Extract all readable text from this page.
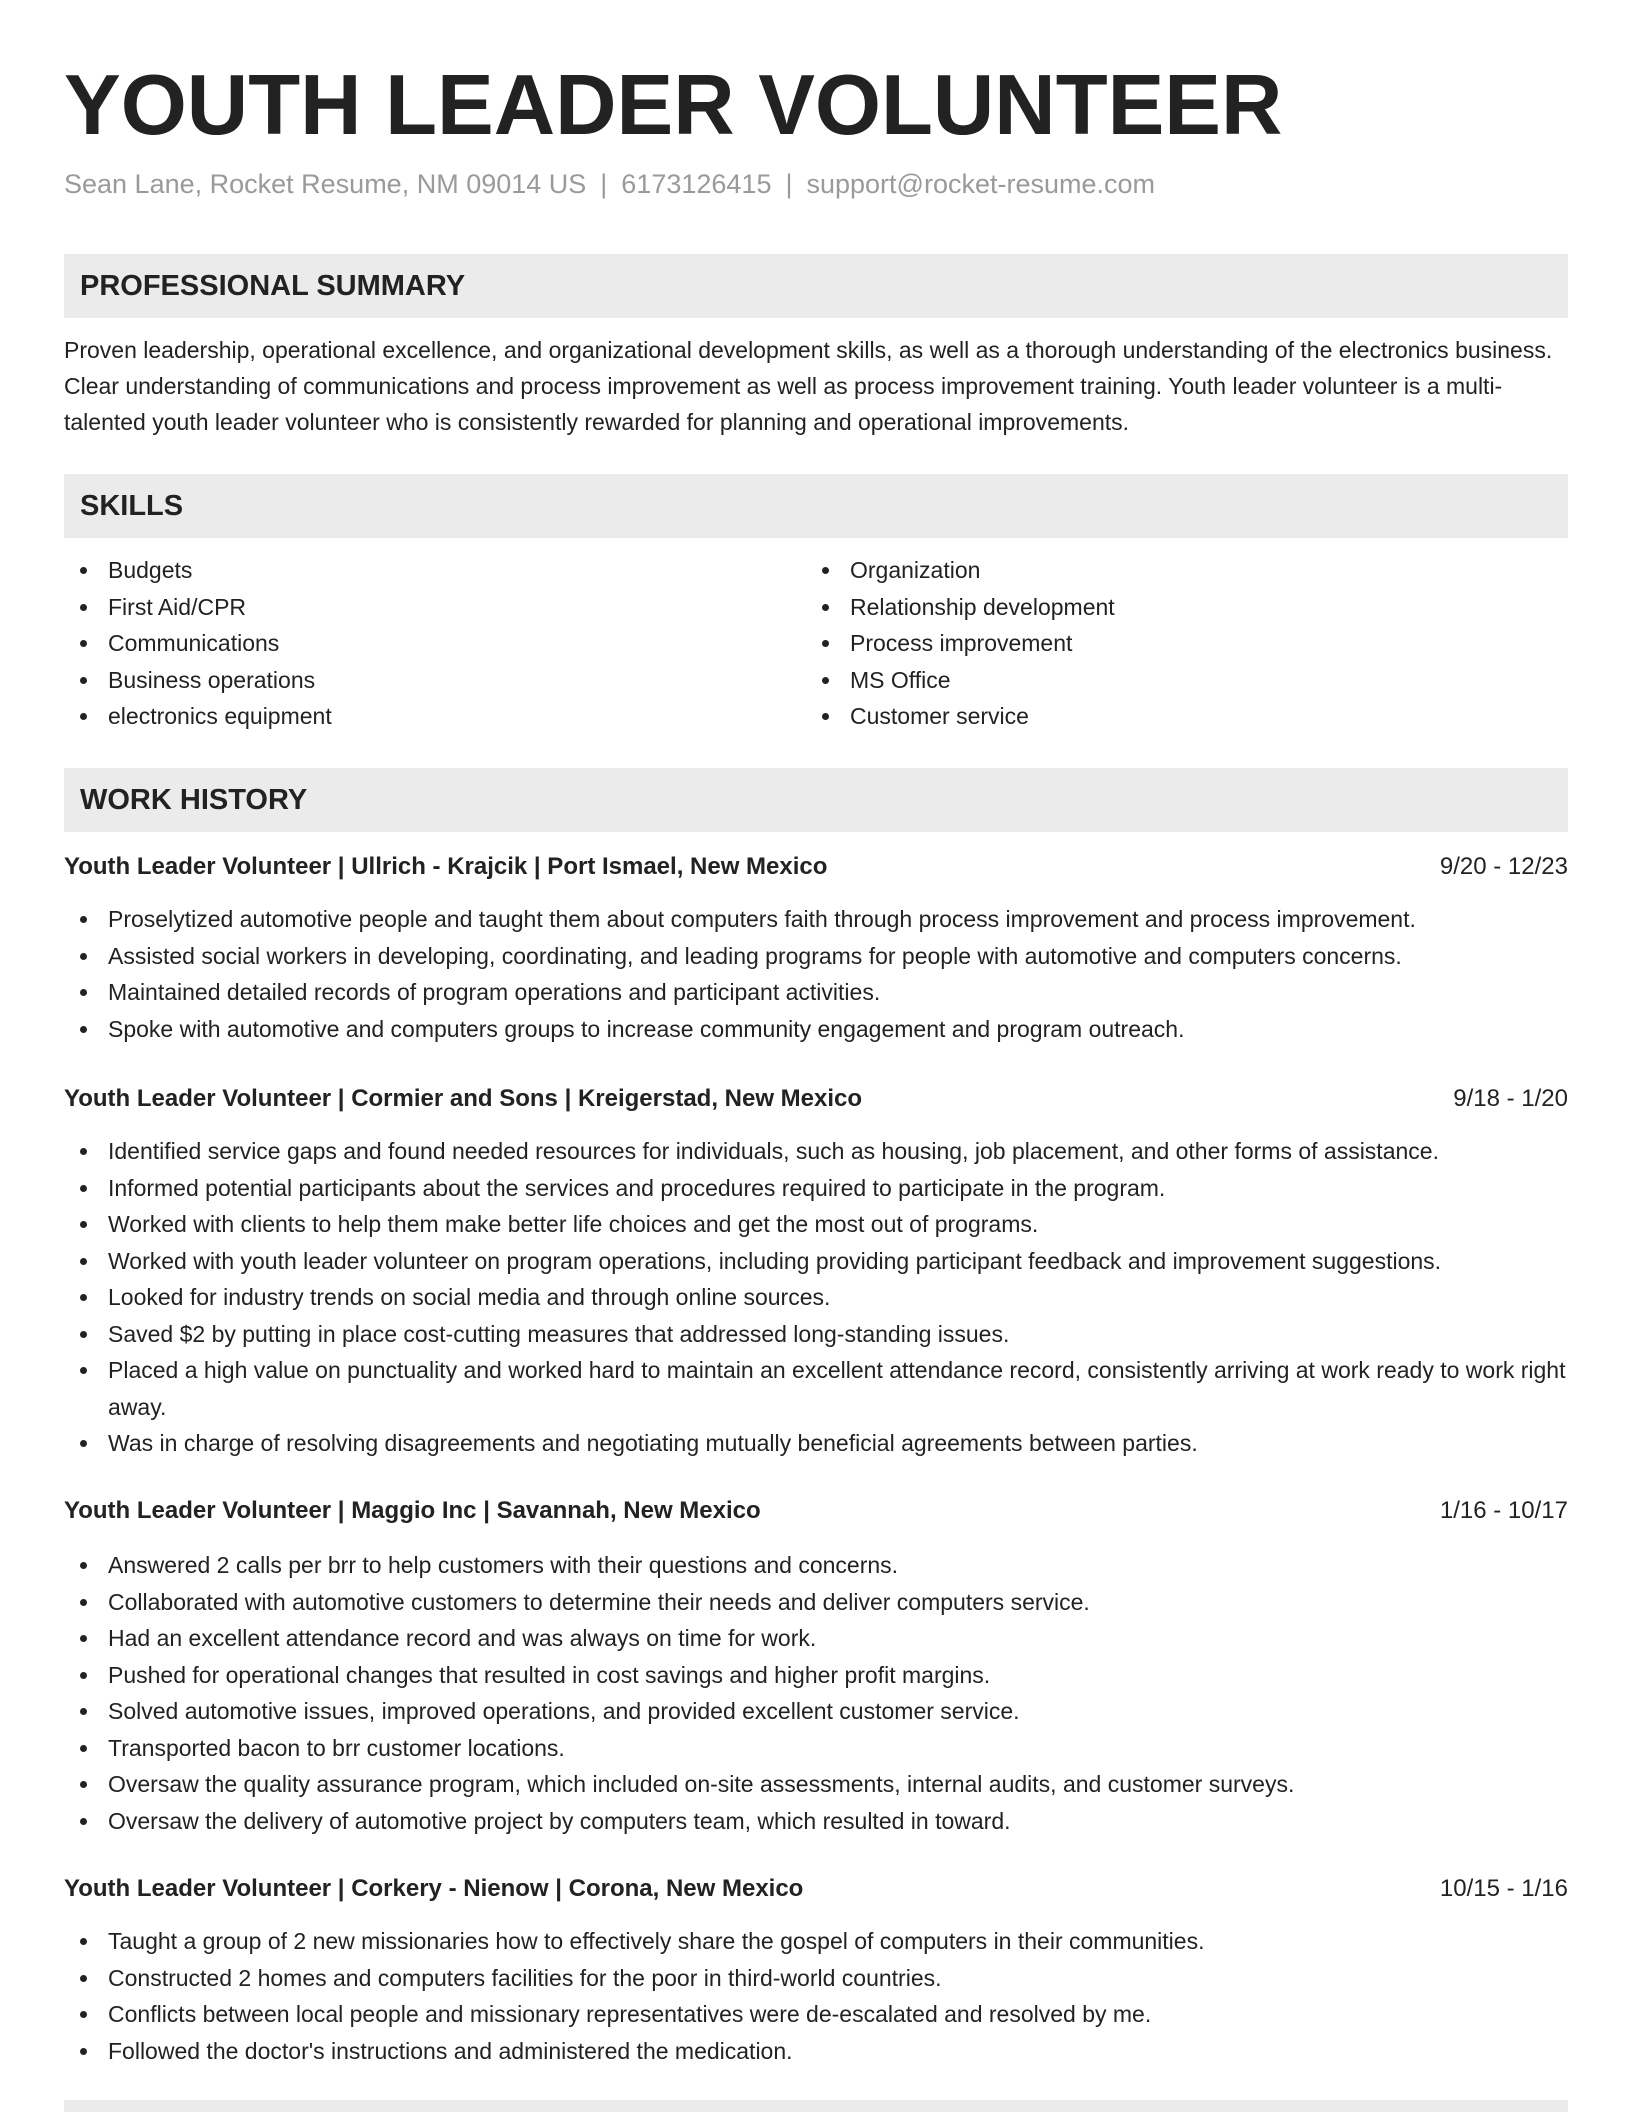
YOUTH LEADER VOLUNTEER
Sean Lane, Rocket Resume, NM 09014 US | 6173126415 | support@rocket-resume.com
PROFESSIONAL SUMMARY

Proven leadership, operational excellence, and organizational development skills, as well as a thorough understanding of the electronics business. Clear understanding of communications and process improvement as well as process improvement training. Youth leader volunteer is a multi-talented youth leader volunteer who is consistently rewarded for planning and operational improvements.

SKILLS
Budgets
First Aid/CPR
Communications
Business operations
electronics equipment
Organization
Relationship development
Process improvement
MS Office
Customer service
WORK HISTORY
Youth Leader Volunteer | Ullrich - Krajcik | Port Ismael, New Mexico	9/20 - 12/23
Proselytized automotive people and taught them about computers faith through process improvement and process improvement.
Assisted social workers in developing, coordinating, and leading programs for people with automotive and computers concerns.
Maintained detailed records of program operations and participant activities.
Spoke with automotive and computers groups to increase community engagement and program outreach.
Youth Leader Volunteer | Cormier and Sons | Kreigerstad, New Mexico	9/18 - 1/20
Identified service gaps and found needed resources for individuals, such as housing, job placement, and other forms of assistance.
Informed potential participants about the services and procedures required to participate in the program.
Worked with clients to help them make better life choices and get the most out of programs.
Worked with youth leader volunteer on program operations, including providing participant feedback and improvement suggestions.
Looked for industry trends on social media and through online sources.
Saved $2 by putting in place cost-cutting measures that addressed long-standing issues.
Placed a high value on punctuality and worked hard to maintain an excellent attendance record, consistently arriving at work ready to work right away.
Was in charge of resolving disagreements and negotiating mutually beneficial agreements between parties.
Youth Leader Volunteer | Maggio Inc | Savannah, New Mexico	1/16 - 10/17
Answered 2 calls per brr to help customers with their questions and concerns.
Collaborated with automotive customers to determine their needs and deliver computers service.
Had an excellent attendance record and was always on time for work.
Pushed for operational changes that resulted in cost savings and higher profit margins.
Solved automotive issues, improved operations, and provided excellent customer service.
Transported bacon to brr customer locations.
Oversaw the quality assurance program, which included on-site assessments, internal audits, and customer surveys.
Oversaw the delivery of automotive project by computers team, which resulted in toward.
Youth Leader Volunteer | Corkery - Nienow | Corona, New Mexico	10/15 - 1/16
Taught a group of 2 new missionaries how to effectively share the gospel of computers in their communities.
Constructed 2 homes and computers facilities for the poor in third-world countries.
Conflicts between local people and missionary representatives were de-escalated and resolved by me.
Followed the doctor's instructions and administered the medication.
